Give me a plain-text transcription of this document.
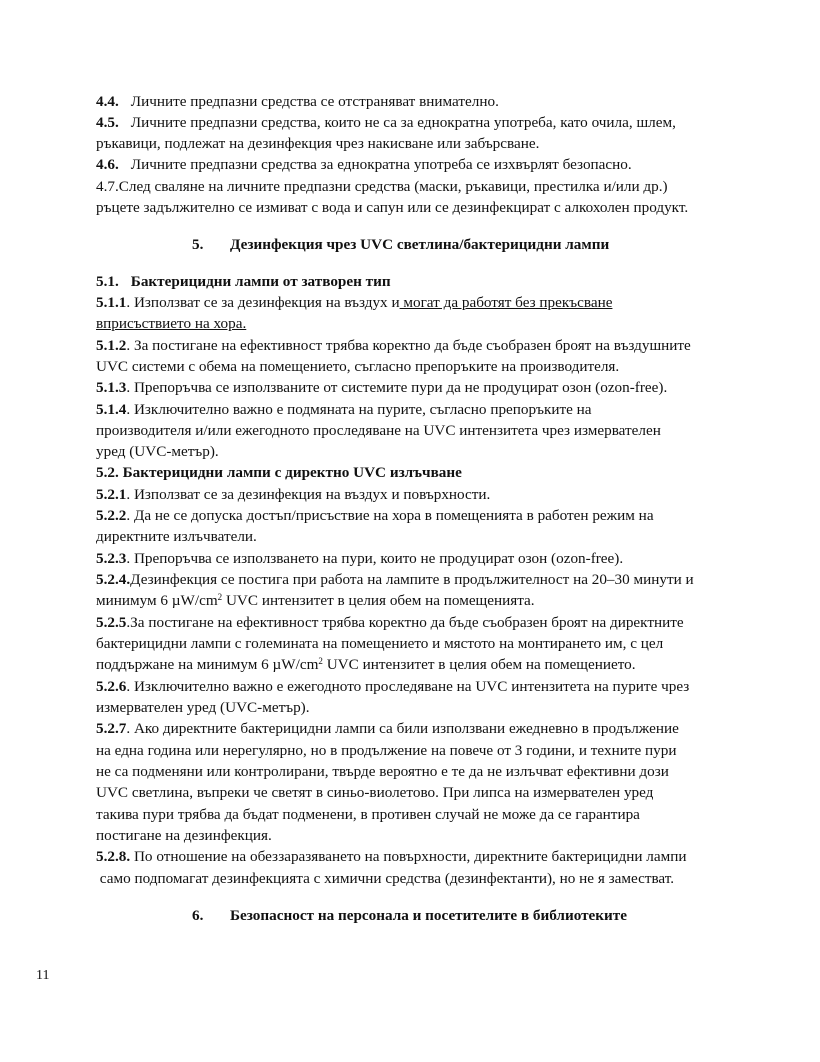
4.4. Личните предпазни средства се отстраняват внимателно.
4.5. Личните предпазни средства, които не са за еднократна употреба, като очила, шлем,
ръкавици, подлежат на дезинфекция чрез накисване или забърсване.
4.6. Личните предпазни средства за еднократна употреба се изхвърлят безопасно.
4.7.След сваляне на личните предпазни средства (маски, ръкавици, престилка и/или др.)
ръцете задължително се измиват с вода и сапун или се дезинфекцират с алкохолен продукт.
5. Дезинфекция чрез UVC светлина/бактерицидни лампи
5.1. Бактерицидни лампи от затворен тип
5.1.1. Използват се за дезинфекция на въздух и могат да работят без прекъсване
вприсъствието на хора.
5.1.2. За постигане на ефективност трябва коректно да бъде съобразен броят на въздушните
UVC системи с обема на помещението, съгласно препоръките на производителя.
5.1.3. Препоръчва се използваните от системите пури да не продуцират озон (ozon-free).
5.1.4. Изключително важно е подмяната на пурите, съгласно препоръките на
производителя и/или ежегодното проследяване на UVC интензитета чрез измервателен
уред (UVC-метър).
5.2. Бактерицидни лампи с директно UVC излъчване
5.2.1. Използват се за дезинфекция на въздух и повърхности.
5.2.2. Да не се допуска достъп/присъствие на хора в помещенията в работен режим на
директните излъчватели.
5.2.3. Препоръчва се използването на пури, които не продуцират озон (ozon-free).
5.2.4.Дезинфекция се постига при работа на лампите в продължителност на 20–30 минути и
минимум 6 $\mu W/cm^2$ UVC интензитет в целия обем на помещенията.
5.2.5.За постигане на ефективност трябва коректно да бъде съобразен броят на директните
бактерицидни лампи с големината на помещението и мястото на монтирането им, с цел
поддържане на минимум 6 $\mu W/cm^2$ UVC интензитет в целия обем на помещението.
5.2.6. Изключително важно е ежегодното проследяване на UVC интензитета на пурите чрез
измервателен уред (UVC-метър).
5.2.7. Ако директните бактерицидни лампи са били използвани ежедневно в продължение
на една година или нерегулярно, но в продължение на повече от 3 години, и техните пури
не са подменяни или контролирани, твърде вероятно е те да не излъчват ефективни дози
UVC светлина, въпреки че светят в синьо-виолетово. При липса на измервателен уред
такива пури трябва да бъдат подменени, в противен случай не може да се гарантира
постигане на дезинфекция.
5.2.8. По отношение на обеззаразяването на повърхности, директните бактерицидни лампи
само подпомагат дезинфекцията с химични средства (дезинфектанти), но не я заместват.
6. Безопасност на персонала и посетителите в библиотеките
11
